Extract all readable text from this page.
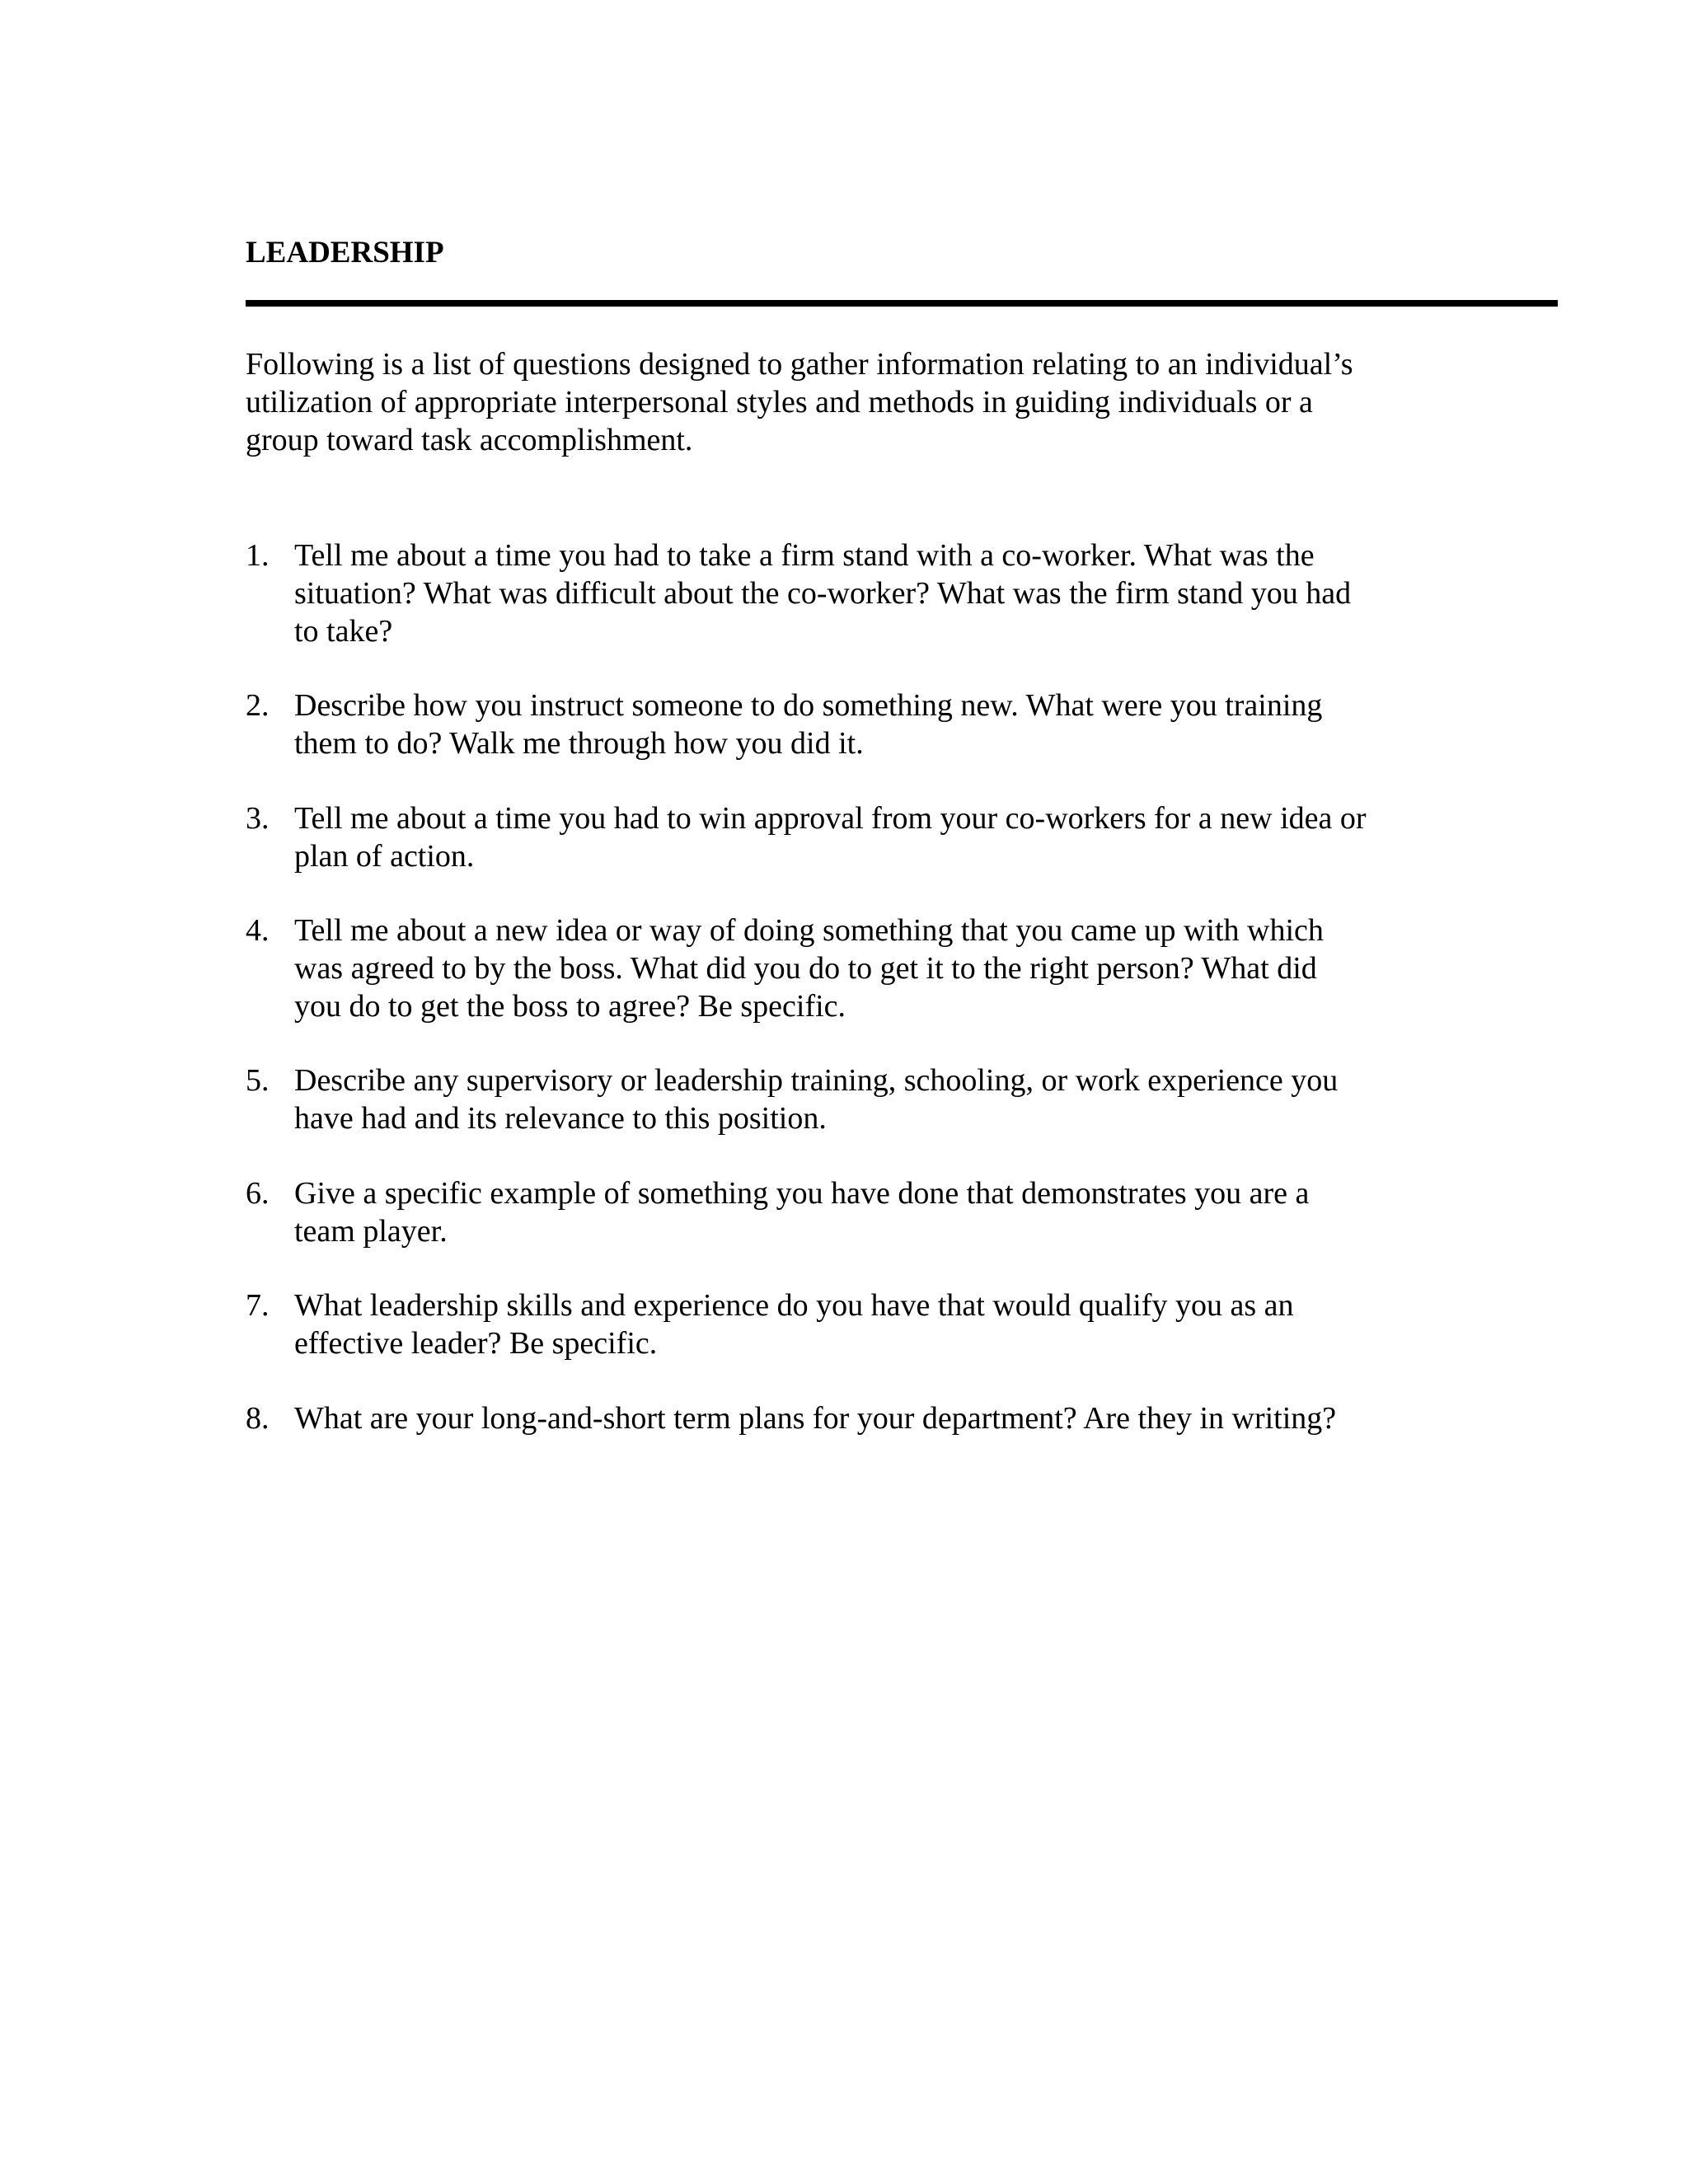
LEADERSHIP
Following is a list of questions designed to gather information relating to an individual’s
utilization of appropriate interpersonal styles and methods in guiding individuals or a
group toward task accomplishment.
1. Tell me about a time you had to take a firm stand with a co-worker. What was the
situation? What was difficult about the co-worker? What was the firm stand you had
to take?
2. Describe how you instruct someone to do something new. What were you training
them to do? Walk me through how you did it.
3. Tell me about a time you had to win approval from your co-workers for a new idea or
plan of action.
4. Tell me about a new idea or way of doing something that you came up with which
was agreed to by the boss. What did you do to get it to the right person? What did
you do to get the boss to agree? Be specific.
5. Describe any supervisory or leadership training, schooling, or work experience you
have had and its relevance to this position.
6. Give a specific example of something you have done that demonstrates you are a
team player.
7. What leadership skills and experience do you have that would qualify you as an
effective leader? Be specific.
8. What are your long-and-short term plans for your department? Are they in writing?
